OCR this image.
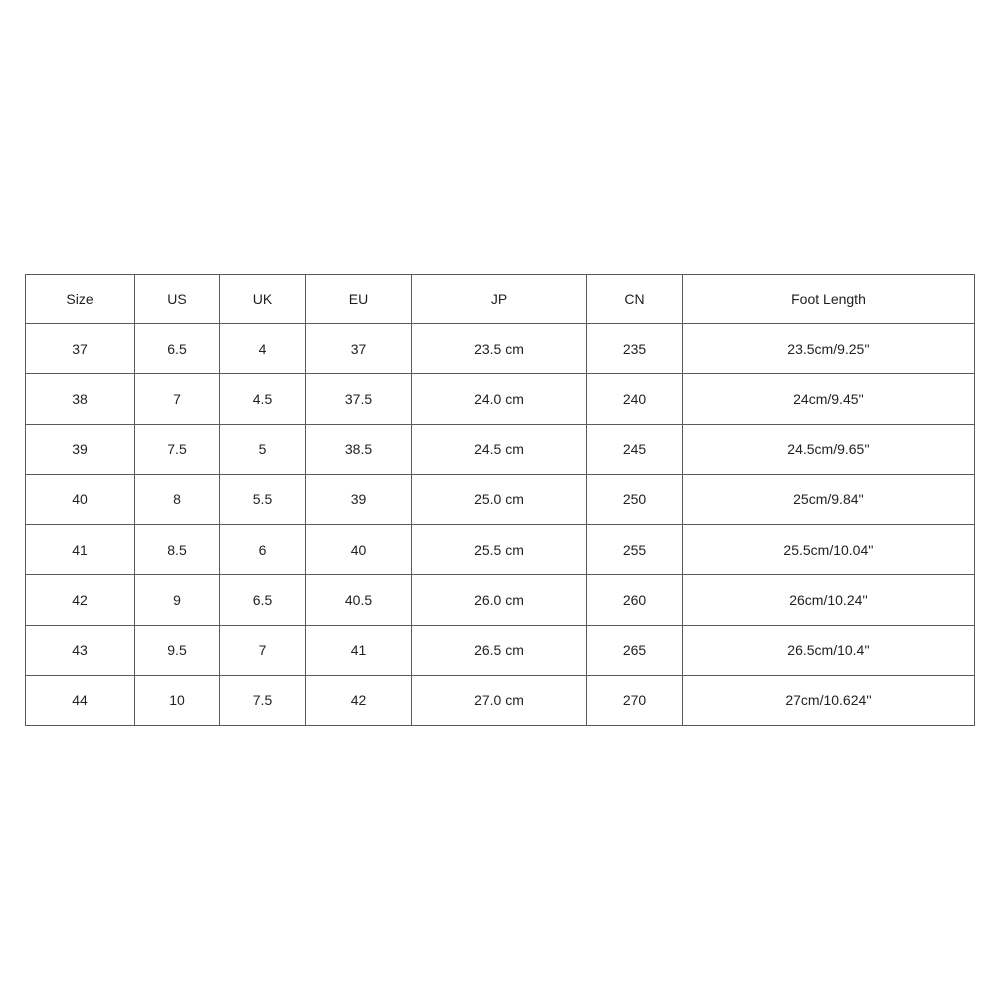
Size	US	UK	EU	JP	CN	Foot Length
37	6.5	4	37	23.5 cm	235	23.5cm/9.25''
38	7	4.5	37.5	24.0 cm	240	24cm/9.45''
39	7.5	5	38.5	24.5 cm	245	24.5cm/9.65''
40	8	5.5	39	25.0 cm	250	25cm/9.84''
41	8.5	6	40	25.5 cm	255	25.5cm/10.04''
42	9	6.5	40.5	26.0 cm	260	26cm/10.24''
43	9.5	7	41	26.5 cm	265	26.5cm/10.4''
44	10	7.5	42	27.0 cm	270	27cm/10.624''
